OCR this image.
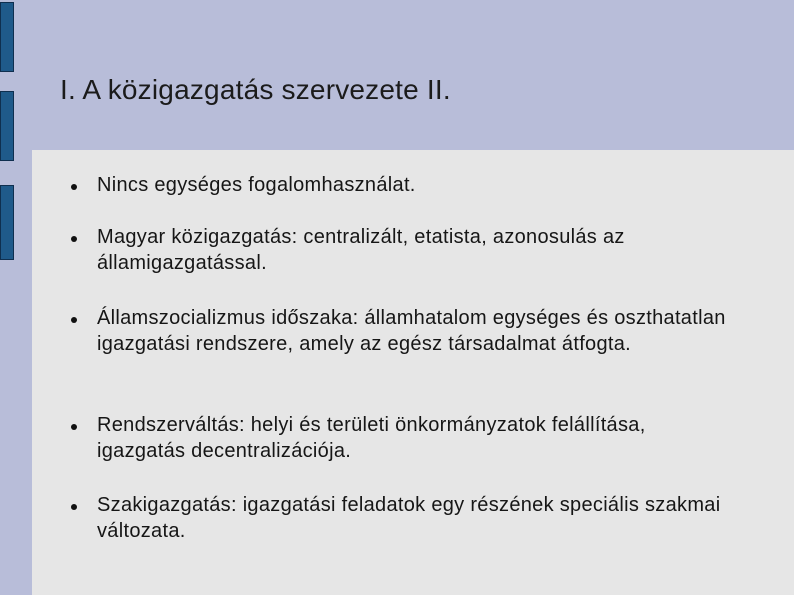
I. A közigazgatás szervezete II.
Nincs egységes fogalomhasználat.
Magyar közigazgatás: centralizált, etatista, azonosulás az államigazgatással.
Államszocializmus időszaka: államhatalom egységes és oszthatatlan igazgatási rendszere, amely az egész társadalmat átfogta.
Rendszerváltás: helyi és területi önkormányzatok felállítása, igazgatás decentralizációja.
Szakigazgatás: igazgatási feladatok egy részének speciális szakmai változata.
